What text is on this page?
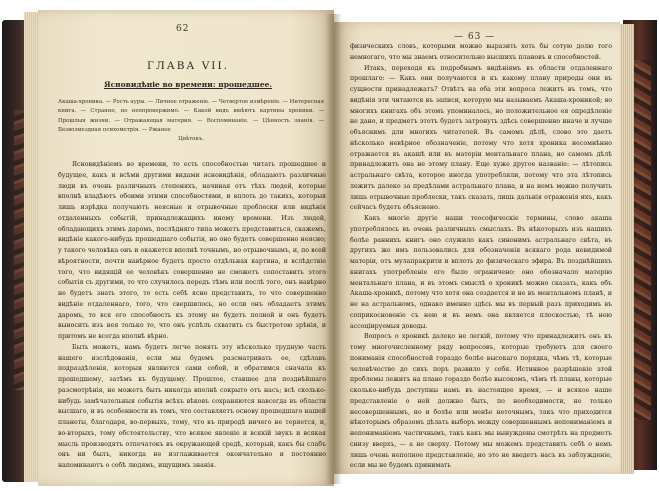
62
ГЛАВА VII.
Ясновидѣнiе во времени: прошедшее.

Акаша-хроника. — Рость ауры. — Личное отраженiе. — Четвертое измѣренiе. — Интересная книга. — Странно, но неопровержимо. — Какой видъ имѣютъ картины хроники. — Прошлыя жизни. — Отражающая материя. — Воспоминанiе. — Цѣнность знанiя. — Безвозмездная психометрiя. — Ржаное

Цвѣтокъ.

Ясновидѣнiемъ во времени, то есть способностью читать прошедшее и будущее, какъ и всѣми другими видами ясновидѣнiя, обладаютъ различные люди въ очень различныхъ степеняхъ, начиная отъ тѣхъ людей, которые вполнѣ владѣютъ обоими этими способностями, и вплоть до такихъ, которыя лишь изрѣдка получаютъ неясные и отрывочные проблески или видѣнiя отдаленныхъ событiй, принадлежащихъ иному времени. Изъ людей, обладающихъ этимъ даромъ, послѣдняго типа можетъ представиться, скажемъ, видѣнiе какого-нибудь прошедшаго событiя, но оно будетъ совершенно неясно; у такого человѣка онъ и окажется вполнѣ точнымъ, но отрывочнымъ, и, по всей вѣроятности, почти навѣрное будетъ просто отдѣльная картина, и вслѣдствiе того, что видящiй ее человѣкъ совершенно не сможетъ сопоставить этого событiя съ другими, то что случилось передъ тѣмъ или послѣ того, онъ навѣрно не будетъ знать этого, то есть себѣ ясно представить, то что совершенно видѣнiе отдаленнаго, того, что свершилось, но если онъ обладаетъ этимъ даромъ, то вся его способность къ этому не будетъ полной и онъ будетъ выносить изъ нея только то, что онъ успѣлъ схватить съ быстротою зрѣнiя, и притомъ не всегда вполнѣ вѣрно.

Быть можетъ, намъ будетъ легче понять эту нѣсколько трудную часть нашего изслѣдованiя, если мы будемъ разсматривать ее, сдѣлавъ подраздѣленiя, которыя являются сами собой, и обратимся сначала къ прошедшему, затѣмъ къ будущему. Прошлое, ставшее для позднѣйшаго разсмотрѣнiя, не можетъ быть никогда вполнѣ сокрыто отъ насъ; всѣ сколько-нибудь замѣчательныя событiя всѣхъ вѣковъ сохраняются навсегда въ области высшаго, и въ особенности въ томъ, что составляетъ основу прошедшаго нашей планеты, благодаря, во-первыхъ, тому, что въ природѣ ничего не теряется, и, во-вторыхъ, тому обстоятельству, что всякое явленiе и всякiй звукъ и всякая мысль производятъ отпечатокъ въ окружающей средѣ, который, какъ бы слабъ онъ ни былъ, никогда не изглаживается окончательно и постоянно напоминаютъ о себѣ людямъ, ищущимъ знанiя.

— 63 —

физическихъ словъ, которыми можно выразить хоть бы сотую долю того немногаго, что мы знаемъ относительно высшихъ плановъ и способностей.

Итакъ, переходя къ подробнымъ видѣнiямъ въ области отдаленнаго прошлаго: — Какъ они получаются и къ какому плану природы они въ сущности принадлежатъ? Отвѣтъ на оба эти вопроса лежитъ въ томъ, что видѣнiя эти читаются въ записи, которую мы называемъ Акаша-хроникой; во многихъ книгахъ объ этомъ упоминалось, но положительное ея опредѣленiе не дано, и предметъ этотъ будетъ затронуть здѣсь совершенно иначе и лучше объяснимъ дли многихъ читателей. Въ самомъ дѣлѣ, слово это даетъ нѣсколько невѣрное обозначенiе, потому что хотя хроника несомнѣнно отражается въ акашѣ или въ матерiи ментальнаго плана, но самомъ дѣлѣ принадлежитъ она не этому плану. Еще хуже другое названiе: — лѣтопись астральнаго свѣта, которое иногда употребляли, потому что эта лѣтопись лежитъ далеко за предѣлами астральнаго плана, и на немъ можно получить лишь отрывочные проблески, такъ сказать, лишь дальнiя отраженiя ихъ, какъ сейчасъ будетъ объяснено.

Какъ многiе другiе наши теософическiе термины, слово акаша употреблялось въ очень различныхъ смыслахъ. Въ нѣкоторыхъ изъ нашихъ болѣе раннихъ книгъ оно служило какъ синонимъ астральнаго свѣта, въ другихъ же имъ пользовались для обозначенiя всякаго рода невидимой матерiи, отъ мулапракрити и вплоть до физическаго эфира. Въ позднѣйшихъ книгахъ употребленiе его было ограничено: оно обозначало матерiю ментальнаго плана, и въ этомъ смыслѣ о хроникѣ можно сказать, какъ объ Акаша-хроникѣ, потому что хотя она создается и не въ ментальномъ планѣ, и не на астральномъ, однако именно здѣсь мы въ первый разъ приходимъ въ соприкосновенiе съ нею и въ немъ она является плоскостью, тѣ нею ассоцiируемыя доводы.

Вопросъ о хроникѣ далеко не легкiй, потому что принадлежитъ онъ къ тому многочисленному ряду вопросовъ, которые требуютъ для своего пониманiя способностей гораздо болѣе высокаго порядка, чѣмъ тѣ, которые человѣчество до сихъ поръ развило у себя. Истинное разрѣшенiе этой проблемы лежитъ на плане гораздо болѣе высокомъ, чѣмъ тѣ планы, которые сколько-нибудь доступны намъ въ настоящее время, — и всякое наше представленiе о ней должно быть, по необходимости, не только несовершеннымъ, но и болѣе или менѣе неточнымъ, такъ что приходится нѣкоторымъ образомъ дѣлать выборъ между совершеннымъ непониманiемъ и непониманiемъ частичнымъ, такъ какъ мы вынуждены смотрѣть на предметъ снизу вверхъ, — а не сверху. Потому мы можемъ представить себѣ о немъ лишь очень неполное представленiе, но это не введетъ насъ въ заблужденiе, если мы не будемъ принимать
